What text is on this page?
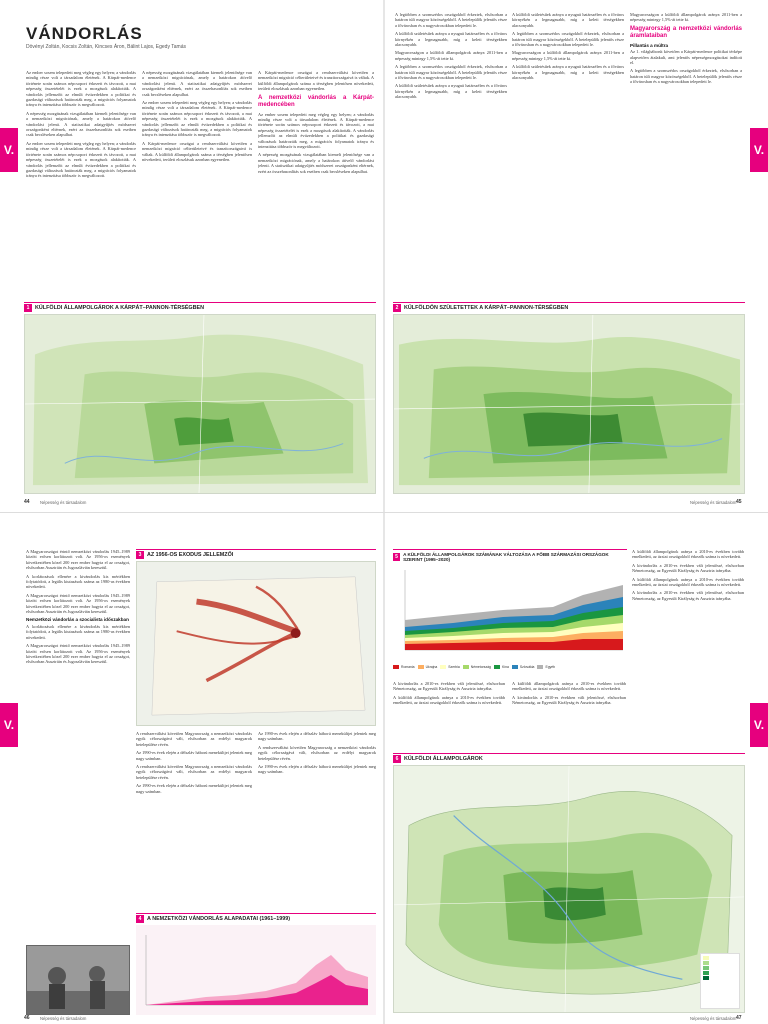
V.	V.
VÁNDORLÁS
Dövényi Zoltán, Kocsis Zoltán, Kincses Áron, Bálint Lajos, Egedy Tamás

Az ember sosem telepedett meg végleg egy helyen; a vándorlás mindig része volt a társadalom életének. A Kárpát-medence története során számos népcsoport érkezett és távozott, a mai népesség összetételét is ezek a mozgások alakították. A vándorlás jellemzőit az elmúlt évtizedekben a politikai és gazdasági változások határozták meg, a migrációs folyamatok iránya és intenzitása többször is megváltozott.

A népesség mozgásának vizsgálatában kiemelt jelentősége van a nemzetközi migrációnak, amely a határokon átívelő vándorlást jelenti. A statisztikai adatgyűjtés módszerei országonként eltérnek, ezért az összehasonlítás sok esetben csak becsléseken alapulhat.

Az ember sosem telepedett meg végleg egy helyen; a vándorlás mindig része volt a társadalom életének. A Kárpát-medence története során számos népcsoport érkezett és távozott, a mai népesség összetételét is ezek a mozgások alakították. A vándorlás jellemzőit az elmúlt évtizedekben a politikai és gazdasági változások határozták meg, a migrációs folyamatok iránya és intenzitása többször is megváltozott.

A népesség mozgásának vizsgálatában kiemelt jelentősége van a nemzetközi migrációnak, amely a határokon átívelő vándorlást jelenti. A statisztikai adatgyűjtés módszerei országonként eltérnek, ezért az összehasonlítás sok esetben csak becsléseken alapulhat.

Az ember sosem telepedett meg végleg egy helyen; a vándorlás mindig része volt a társadalom életének. A Kárpát-medence története során számos népcsoport érkezett és távozott, a mai népesség összetételét is ezek a mozgások alakították. A vándorlás jellemzőit az elmúlt évtizedekben a politikai és gazdasági változások határozták meg, a migrációs folyamatok iránya és intenzitása többször is megváltozott.

A Kárpát-medence országai a rendszerváltást követően a nemzetközi migráció célterületeivé és tranzitországaivá is váltak. A külföldi állampolgárok száma a térségben jelentősen növekedett, területi eloszlásuk azonban egyenetlen.

A Kárpát-medence országai a rendszerváltást követően a nemzetközi migráció célterületeivé és tranzitországaivá is váltak. A külföldi állampolgárok száma a térségben jelentősen növekedett, területi eloszlásuk azonban egyenetlen.

A nemzetközi vándorlás a Kárpát-medencében

Az ember sosem telepedett meg végleg egy helyen; a vándorlás mindig része volt a társadalom életének. A Kárpát-medence története során számos népcsoport érkezett és távozott, a mai népesség összetételét is ezek a mozgások alakították. A vándorlás jellemzőit az elmúlt évtizedekben a politikai és gazdasági változások határozták meg, a migrációs folyamatok iránya és intenzitása többször is megváltozott.

A népesség mozgásának vizsgálatában kiemelt jelentősége van a nemzetközi migrációnak, amely a határokon átívelő vándorlást jelenti. A statisztikai adatgyűjtés módszerei országonként eltérnek, ezért az összehasonlítás sok esetben csak becsléseken alapulhat.

A legtöbben a szomszédos országokból érkeztek, elsősorban a határon túli magyar közösségekből. A betelepülők jelentős része a fővárosban és a nagyvárosokban telepedett le.

A külföldi születésűek aránya a nyugati határszélen és a főváros környékén a legmagasabb, míg a keleti térségekben alacsonyabb.

Magyarországon a külföldi állampolgárok aránya 2011-ben a népesség mintegy 1,5%-át tette ki.

A legtöbben a szomszédos országokból érkeztek, elsősorban a határon túli magyar közösségekből. A betelepülők jelentős része a fővárosban és a nagyvárosokban telepedett le.

A külföldi születésűek aránya a nyugati határszélen és a főváros környékén a legmagasabb, míg a keleti térségekben alacsonyabb.

A külföldi születésűek aránya a nyugati határszélen és a főváros környékén a legmagasabb, míg a keleti térségekben alacsonyabb.

A legtöbben a szomszédos országokból érkeztek, elsősorban a határon túli magyar közösségekből. A betelepülők jelentős része a fővárosban és a nagyvárosokban telepedett le.

Magyarországon a külföldi állampolgárok aránya 2011-ben a népesség mintegy 1,5%-át tette ki.

A külföldi születésűek aránya a nyugati határszélen és a főváros környékén a legmagasabb, míg a keleti térségekben alacsonyabb.

Magyarországon a külföldi állampolgárok aránya 2011-ben a népesség mintegy 1,5%-át tette ki.

Magyarország a nemzetközi vándorlás áramlataiban
Pillantás a múltra

Az 1. világháborút követően a Kárpát-medence politikai térképe alapvetően átalakult, ami jelentős népességmozgásokat indított el.

A legtöbben a szomszédos országokból érkeztek, elsősorban a határon túli magyar közösségekből. A betelepülők jelentős része a fővárosban és a nagyvárosokban telepedett le.

1	KÜLFÖLDI ÁLLAMPOLGÁROK A KÁRPÁT–PANNON-TÉRSÉGBEN	2	KÜLFÖLDÖN SZÜLETETTEK A KÁRPÁT–PANNON-TÉRSÉGBEN
Népesség és társadalom
44	Népesség és társadalom 45
V.	V.

A Magyarországot érintő nemzetközi vándorlás 1945–1989 között erősen korlátozott volt. Az 1956-os események következtében közel 200 ezer ember hagyta el az országot, elsősorban Ausztrián és Jugoszlávián keresztül.

A korlátozások ellenére a kivándorlás kis mértékben folytatódott, a legális kiutazások száma az 1980-as években növekedett.

A Magyarországot érintő nemzetközi vándorlás 1945–1989 között erősen korlátozott volt. Az 1956-os események következtében közel 200 ezer ember hagyta el az országot, elsősorban Ausztrián és Jugoszlávián keresztül.

Nemzetközi vándorlás a szocialista időszakban

A korlátozások ellenére a kivándorlás kis mértékben folytatódott, a legális kiutazások száma az 1980-as években növekedett.

A Magyarországot érintő nemzetközi vándorlás 1945–1989 között erősen korlátozott volt. Az 1956-os események következtében közel 200 ezer ember hagyta el az országot, elsősorban Ausztrián és Jugoszlávián keresztül.

3	AZ 1956-OS EXODUS JELLEMZŐI
4	A NEMZETKÖZI VÁNDORLÁS ALAPADATAI (1961–1999)

A rendszerváltást követően Magyarország a nemzetközi vándorlás egyik célországává vált, elsősorban az erdélyi magyarok betelepülése révén.

Az 1990-es évek elején a délszláv háború menekültjei jelentek meg nagy számban.

A rendszerváltást követően Magyarország a nemzetközi vándorlás egyik célországává vált, elsősorban az erdélyi magyarok betelepülése révén.

Az 1990-es évek elején a délszláv háború menekültjei jelentek meg nagy számban.

Az 1990-es évek elején a délszláv háború menekültjei jelentek meg nagy számban.

A rendszerváltást követően Magyarország a nemzetközi vándorlás egyik célországává vált, elsősorban az erdélyi magyarok betelepülése révén.

Az 1990-es évek elején a délszláv háború menekültjei jelentek meg nagy számban.

5	A KÜLFÖLDI ÁLLAMPOLGÁROK SZÁMÁNAK VÁLTOZÁSA A FŐBB SZÁRMAZÁSI ORSZÁGOK SZERINT (1995–2020)
Romania	Ukrajna	Szerbia	Németország	Kína	Szlovákia	Egyéb

A külföldi állampolgárok aránya a 2010-es években tovább emelkedett, az ázsiai országokból érkezők száma is növekedett.

A kivándorlás a 2010-es években vált jelentőssé, elsősorban Németország, az Egyesült Királyság és Ausztria irányába.

A külföldi állampolgárok aránya a 2010-es években tovább emelkedett, az ázsiai országokból érkezők száma is növekedett.

A kivándorlás a 2010-es években vált jelentőssé, elsősorban Németország, az Egyesült Királyság és Ausztria irányába.

A kivándorlás a 2010-es években vált jelentőssé, elsősorban Németország, az Egyesült Királyság és Ausztria irányába.

A külföldi állampolgárok aránya a 2010-es években tovább emelkedett, az ázsiai országokból érkezők száma is növekedett.

A külföldi állampolgárok aránya a 2010-es években tovább emelkedett, az ázsiai országokból érkezők száma is növekedett.

A kivándorlás a 2010-es években vált jelentőssé, elsősorban Németország, az Egyesült Királyság és Ausztria irányába.

6	KÜLFÖLDI ÁLLAMPOLGÁROK
Népesség és társadalom
46	Népesség és társadalom 47
